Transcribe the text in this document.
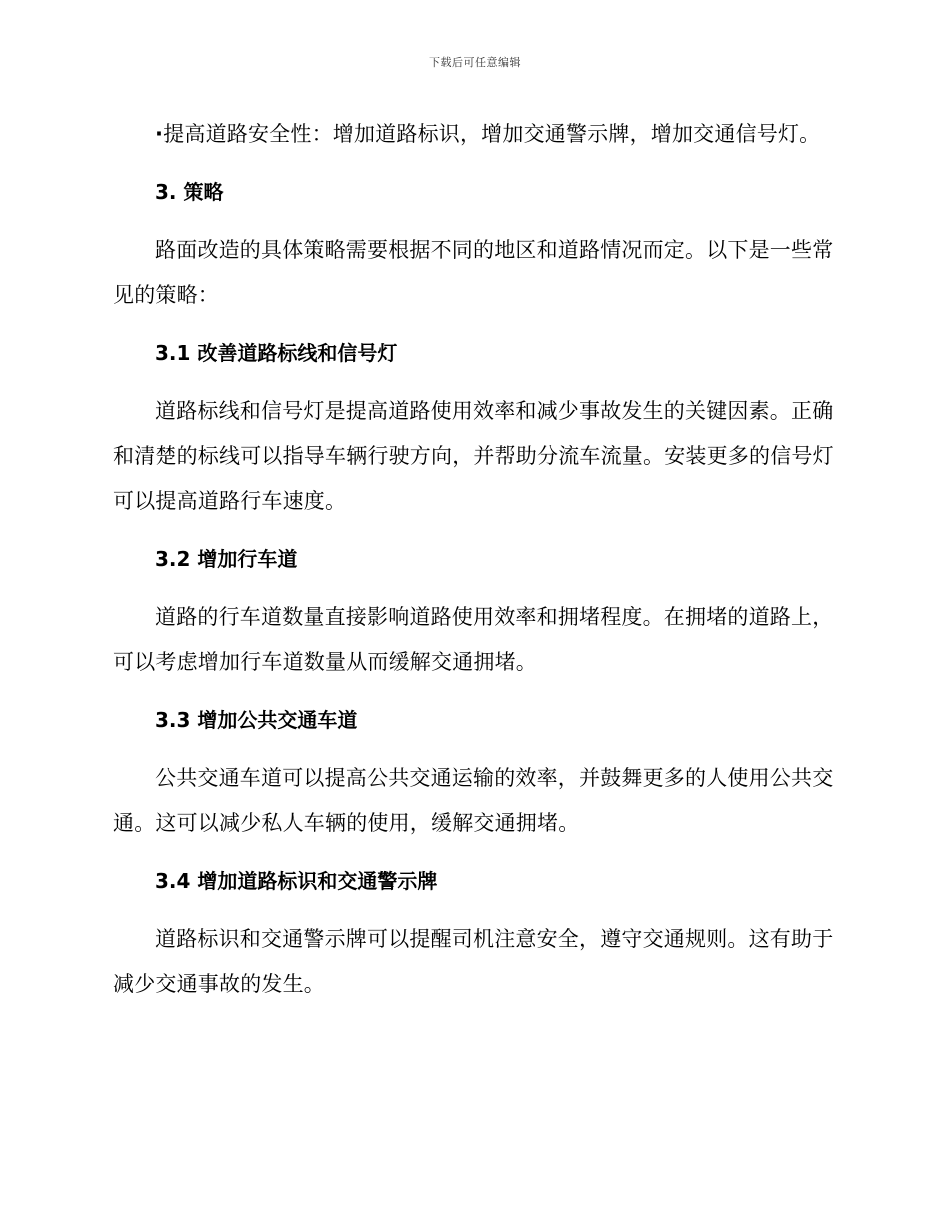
下载后可任意编辑

·提高道路安全性：增加道路标识，增加交通警示牌，增加交通信号灯。

3. 策略

路面改造的具体策略需要根据不同的地区和道路情况而定。以下是一些常见的策略：

3.1 改善道路标线和信号灯

道路标线和信号灯是提高道路使用效率和减少事故发生的关键因素。正确和清楚的标线可以指导车辆行驶方向，并帮助分流车流量。安装更多的信号灯可以提高道路行车速度。

3.2 增加行车道

道路的行车道数量直接影响道路使用效率和拥堵程度。在拥堵的道路上，可以考虑增加行车道数量从而缓解交通拥堵。

3.3 增加公共交通车道

公共交通车道可以提高公共交通运输的效率，并鼓舞更多的人使用公共交通。这可以减少私人车辆的使用，缓解交通拥堵。

3.4 增加道路标识和交通警示牌

道路标识和交通警示牌可以提醒司机注意安全，遵守交通规则。这有助于减少交通事故的发生。
